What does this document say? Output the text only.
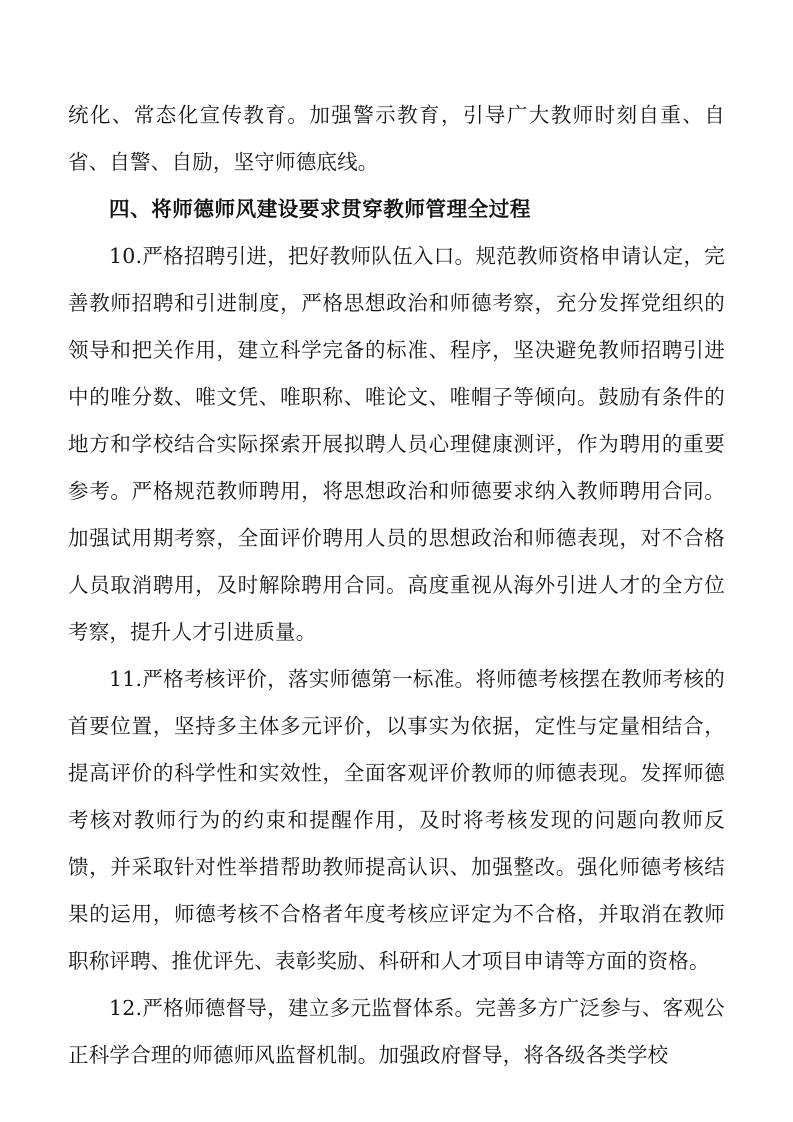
统化、常态化宣传教育。加强警示教育，引导广大教师时刻自重、自省、自警、自励，坚守师德底线。

四、将师德师风建设要求贯穿教师管理全过程

10.严格招聘引进，把好教师队伍入口。规范教师资格申请认定，完善教师招聘和引进制度，严格思想政治和师德考察，充分发挥党组织的领导和把关作用，建立科学完备的标准、程序，坚决避免教师招聘引进中的唯分数、唯文凭、唯职称、唯论文、唯帽子等倾向。鼓励有条件的地方和学校结合实际探索开展拟聘人员心理健康测评，作为聘用的重要参考。严格规范教师聘用，将思想政治和师德要求纳入教师聘用合同。加强试用期考察，全面评价聘用人员的思想政治和师德表现，对不合格人员取消聘用，及时解除聘用合同。高度重视从海外引进人才的全方位考察，提升人才引进质量。

11.严格考核评价，落实师德第一标准。将师德考核摆在教师考核的首要位置，坚持多主体多元评价，以事实为依据，定性与定量相结合，提高评价的科学性和实效性，全面客观评价教师的师德表现。发挥师德考核对教师行为的约束和提醒作用，及时将考核发现的问题向教师反馈，并采取针对性举措帮助教师提高认识、加强整改。强化师德考核结果的运用，师德考核不合格者年度考核应评定为不合格，并取消在教师职称评聘、推优评先、表彰奖励、科研和人才项目申请等方面的资格。

12.严格师德督导，建立多元监督体系。完善多方广泛参与、客观公正科学合理的师德师风监督机制。加强政府督导，将各级各类学校
